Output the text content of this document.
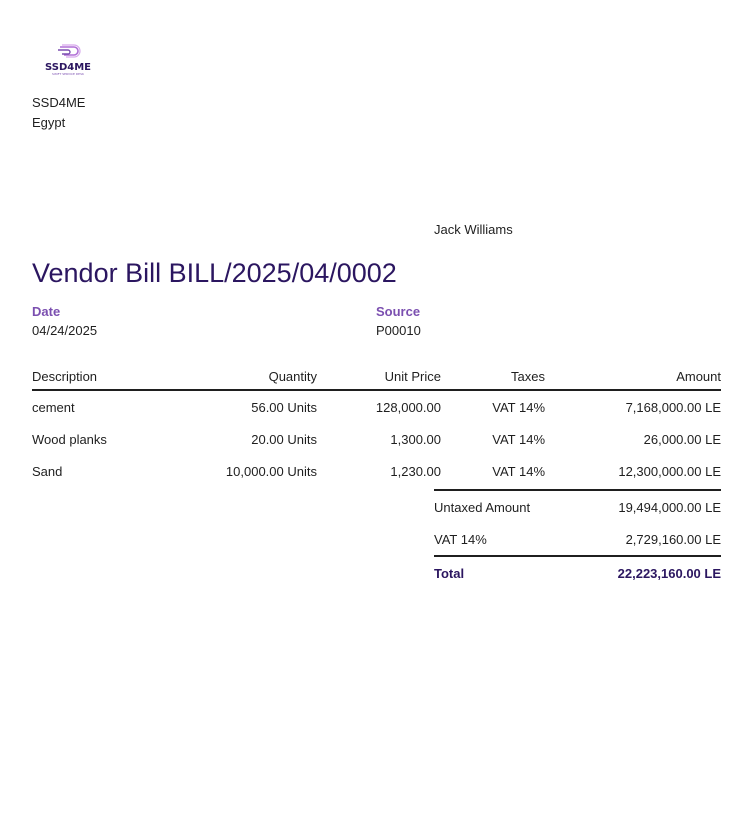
SSD4ME
SWIFT SERVICE DESK
SSD4ME
Egypt
Jack Williams
Vendor Bill BILL/2025/04/0002
Date
04/24/2025
Source
P00010
Description	Quantity	Unit Price	Taxes	Amount
cement	56.00 Units	128,000.00	VAT 14%	7,168,000.00 LE
Wood planks	20.00 Units	1,300.00	VAT 14%	26,000.00 LE
Sand	10,000.00 Units	1,230.00	VAT 14%	12,300,000.00 LE
Untaxed Amount	19,494,000.00 LE
VAT 14%	2,729,160.00 LE
Total	22,223,160.00 LE
